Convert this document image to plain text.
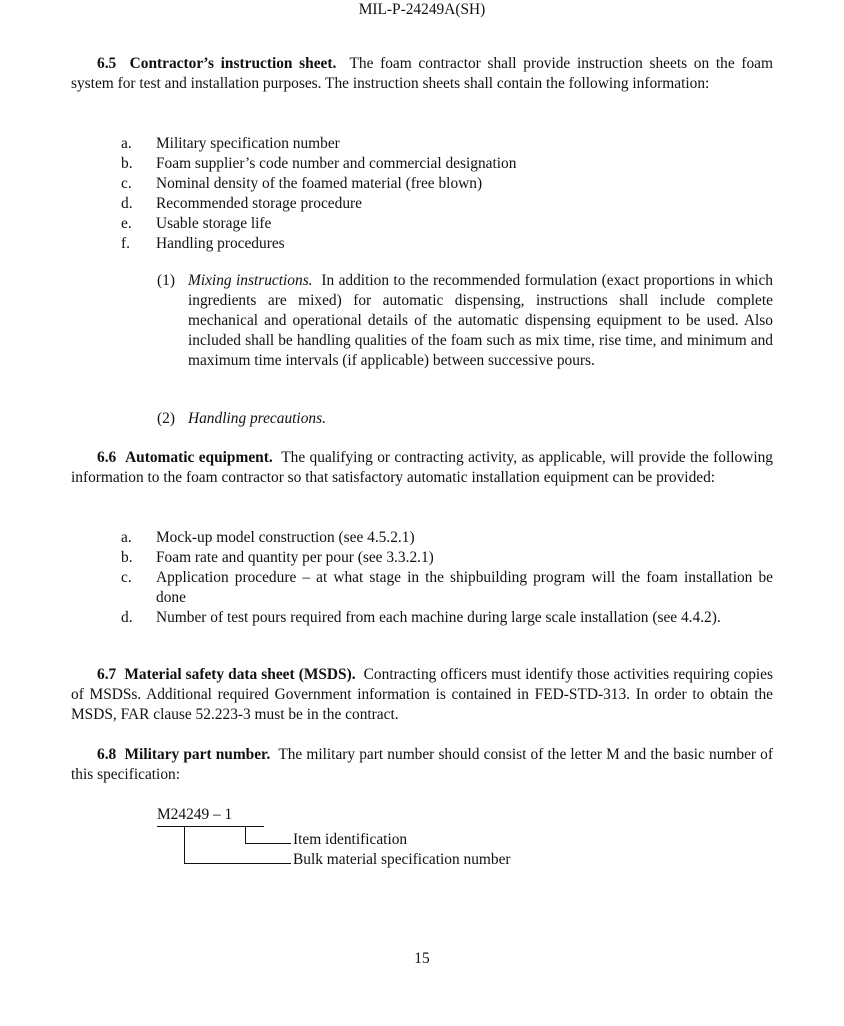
MIL-P-24249A(SH)
6.5 Contractor’s instruction sheet. The foam contractor shall provide instruction sheets on the foam system for test and installation purposes. The instruction sheets shall contain the following information:
a. Military specification number
b. Foam supplier’s code number and commercial designation
c. Nominal density of the foamed material (free blown)
d. Recommended storage procedure
e. Usable storage life
f. Handling procedures
(1) Mixing instructions. In addition to the recommended formulation (exact proportions in which ingredients are mixed) for automatic dispensing, instructions shall include complete mechanical and operational details of the automatic dispensing equipment to be used. Also included shall be handling qualities of the foam such as mix time, rise time, and minimum and maximum time intervals (if applicable) between successive pours.
(2) Handling precautions.
6.6 Automatic equipment. The qualifying or contracting activity, as applicable, will provide the following information to the foam contractor so that satisfactory automatic installation equipment can be provided:
a. Mock-up model construction (see 4.5.2.1)
b. Foam rate and quantity per pour (see 3.3.2.1)
c. Application procedure – at what stage in the shipbuilding program will the foam installation be done
d. Number of test pours required from each machine during large scale installation (see 4.4.2).
6.7 Material safety data sheet (MSDS). Contracting officers must identify those activities requiring copies of MSDSs. Additional required Government information is contained in FED-STD-313. In order to obtain the MSDS, FAR clause 52.223-3 must be in the contract.
6.8 Military part number. The military part number should consist of the letter M and the basic number of this specification:
M24249 – 1
Item identification
Bulk material specification number
15
